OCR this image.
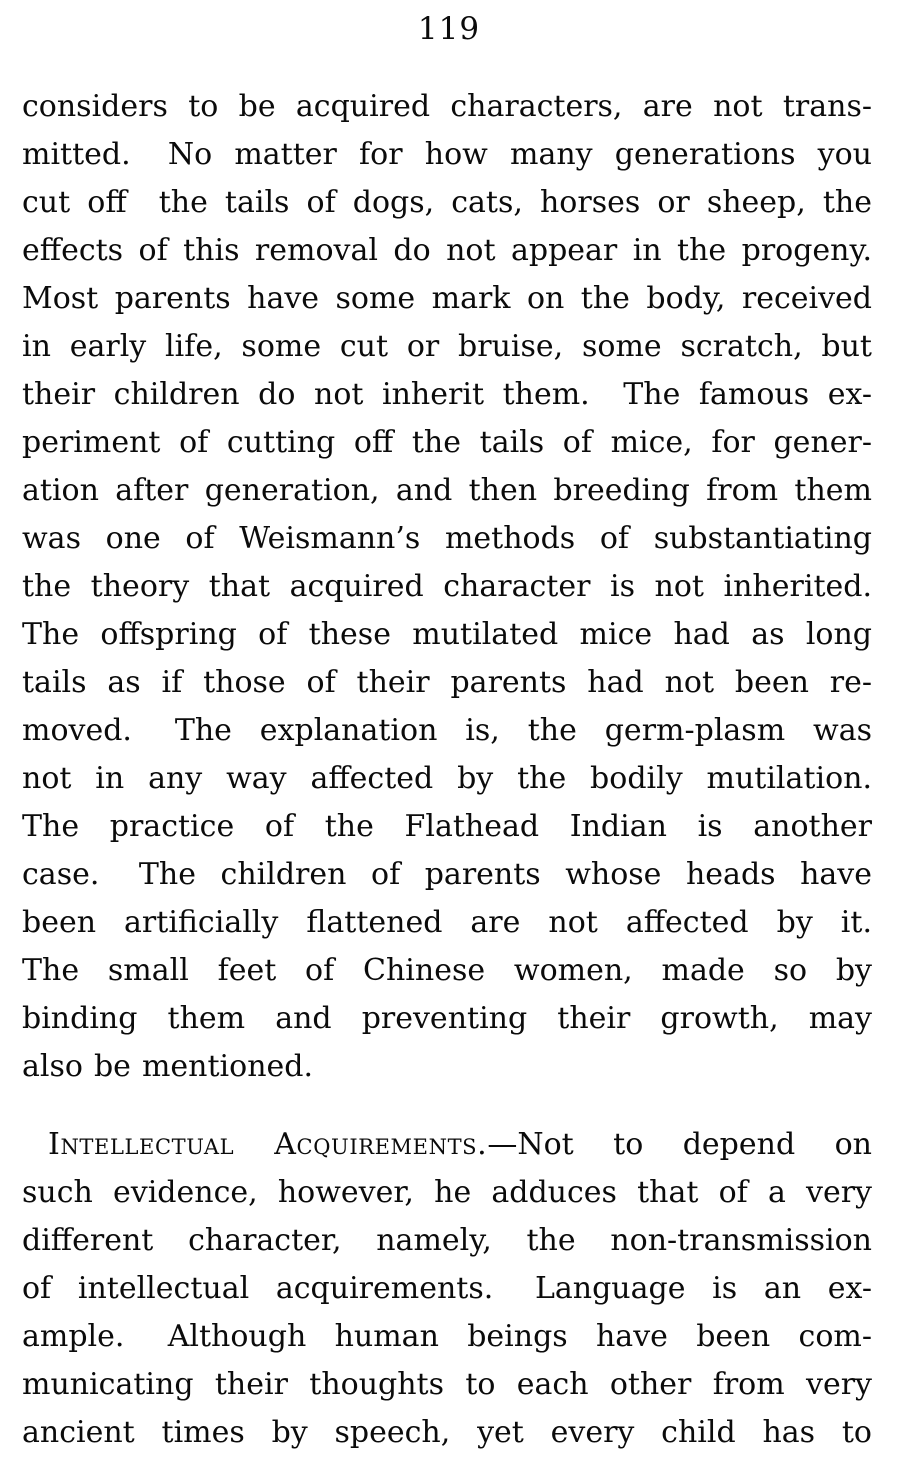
119
considers to be acquired characters, are not trans-
mitted.  No matter for how many generations you
cut off  the tails of dogs, cats, horses or sheep, the
effects of this removal do not appear in the progeny.
Most parents have some mark on the body, received
in early life, some cut or bruise, some scratch, but
their children do not inherit them.  The famous ex-
periment of cutting off the tails of mice, for gener-
ation after generation, and then breeding from them
was one of Weismann’s methods of substantiating
the theory that acquired character is not inherited.
The offspring of these mutilated mice had as long
tails as if those of their parents had not been re-
moved.  The explanation is, the germ-plasm was
not in any way affected by the bodily mutilation.
The practice of the Flathead Indian is another
case.  The children of parents whose heads have
been artificially flattened are not affected by it.
The small feet of Chinese women, made so by
binding them and preventing their growth, may
also be mentioned.
Intellectual Acquirements.—Not to depend on
such evidence, however, he adduces that of a very
different character, namely, the non-transmission
of intellectual acquirements.  Language is an ex-
ample.  Although human beings have been com-
municating their thoughts to each other from very
ancient times by speech, yet every child has to
